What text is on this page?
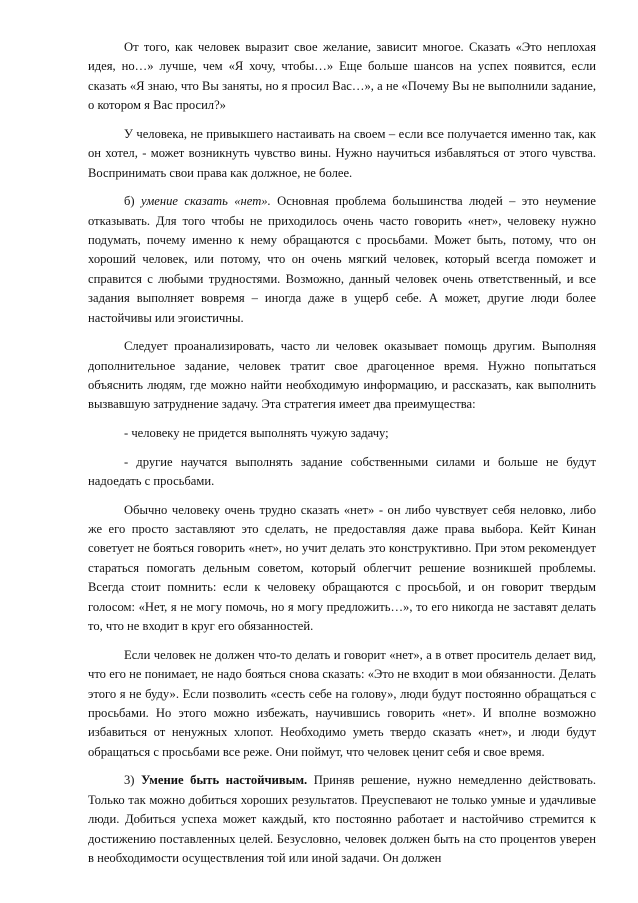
От того, как человек выразит свое желание, зависит многое. Сказать «Это неплохая идея, но…» лучше, чем «Я хочу, чтобы…» Еще больше шансов на успех появится, если сказать «Я знаю, что Вы заняты, но я просил Вас…», а не «Почему Вы не выполнили задание, о котором я Вас просил?»

У человека, не привыкшего настаивать на своем – если все получается именно так, как он хотел, - может возникнуть чувство вины. Нужно научиться избавляться от этого чувства. Воспринимать свои права как должное, не более.

б) умение сказать «нет». Основная проблема большинства людей – это неумение отказывать. Для того чтобы не приходилось очень часто говорить «нет», человеку нужно подумать, почему именно к нему обращаются с просьбами. Может быть, потому, что он хороший человек, или потому, что он очень мягкий человек, который всегда поможет и справится с любыми трудностями. Возможно, данный человек очень ответственный, и все задания выполняет вовремя – иногда даже в ущерб себе. А может, другие люди более настойчивы или эгоистичны.

Следует проанализировать, часто ли человек оказывает помощь другим. Выполняя дополнительное задание, человек тратит свое драгоценное время. Нужно попытаться объяснить людям, где можно найти необходимую информацию, и рассказать, как выполнить вызвавшую затруднение задачу. Эта стратегия имеет два преимущества:

- человеку не придется выполнять чужую задачу;

- другие научатся выполнять задание собственными силами и больше не будут надоедать с просьбами.

Обычно человеку очень трудно сказать «нет» - он либо чувствует себя неловко, либо же его просто заставляют это сделать, не предоставляя даже права выбора. Кейт Кинан советует не бояться говорить «нет», но учит делать это конструктивно. При этом рекомендует стараться помогать дельным советом, который облегчит решение возникшей проблемы. Всегда стоит помнить: если к человеку обращаются с просьбой, и он говорит твердым голосом: «Нет, я не могу помочь, но я могу предложить…», то его никогда не заставят делать то, что не входит в круг его обязанностей.

Если человек не должен что-то делать и говорит «нет», а в ответ проситель делает вид, что его не понимает, не надо бояться снова сказать: «Это не входит в мои обязанности. Делать этого я не буду». Если позволить «сесть себе на голову», люди будут постоянно обращаться с просьбами. Но этого можно избежать, научившись говорить «нет». И вполне возможно избавиться от ненужных хлопот. Необходимо уметь твердо сказать «нет», и люди будут обращаться с просьбами все реже. Они поймут, что человек ценит себя и свое время.

3) Умение быть настойчивым. Приняв решение, нужно немедленно действовать. Только так можно добиться хороших результатов. Преуспевают не только умные и удачливые люди. Добиться успеха может каждый, кто постоянно работает и настойчиво стремится к достижению поставленных целей. Безусловно, человек должен быть на сто процентов уверен в необходимости осуществления той или иной задачи. Он должен
